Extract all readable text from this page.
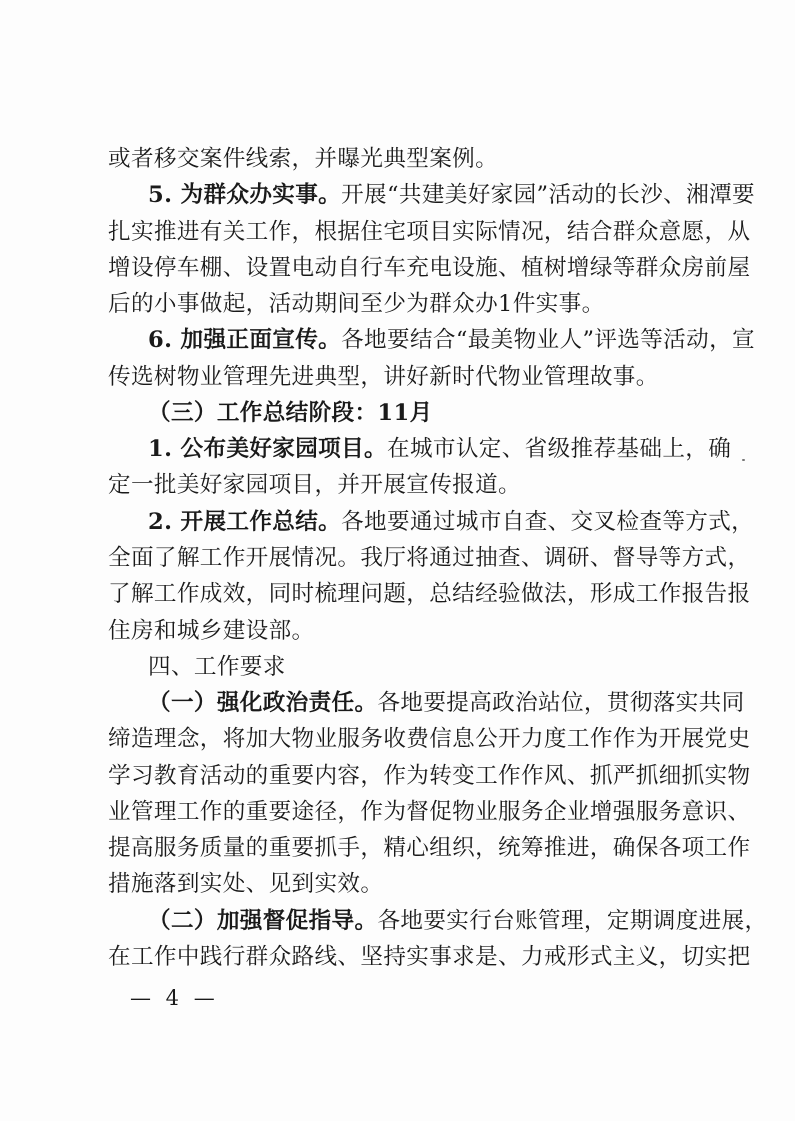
或者移交案件线索，并曝光典型案例。
5. 为群众办实事。开展“共建美好家园”活动的长沙、湘潭要
扎实推进有关工作，根据住宅项目实际情况，结合群众意愿，从
增设停车棚、设置电动自行车充电设施、植树增绿等群众房前屋
后的小事做起，活动期间至少为群众办1件实事。
6. 加强正面宣传。各地要结合“最美物业人”评选等活动，宣
传选树物业管理先进典型，讲好新时代物业管理故事。
（三）工作总结阶段：11月
1. 公布美好家园项目。在城市认定、省级推荐基础上，确
定一批美好家园项目，并开展宣传报道。
2. 开展工作总结。各地要通过城市自查、交叉检查等方式，
全面了解工作开展情况。我厅将通过抽查、调研、督导等方式，
了解工作成效，同时梳理问题，总结经验做法，形成工作报告报
住房和城乡建设部。
四、工作要求
（一）强化政治责任。各地要提高政治站位，贯彻落实共同
缔造理念，将加大物业服务收费信息公开力度工作作为开展党史
学习教育活动的重要内容，作为转变工作作风、抓严抓细抓实物
业管理工作的重要途径，作为督促物业服务企业增强服务意识、
提高服务质量的重要抓手，精心组织，统筹推进，确保各项工作
措施落到实处、见到实效。
（二）加强督促指导。各地要实行台账管理，定期调度进展，
在工作中践行群众路线、坚持实事求是、力戒形式主义，切实把
— 4 —
